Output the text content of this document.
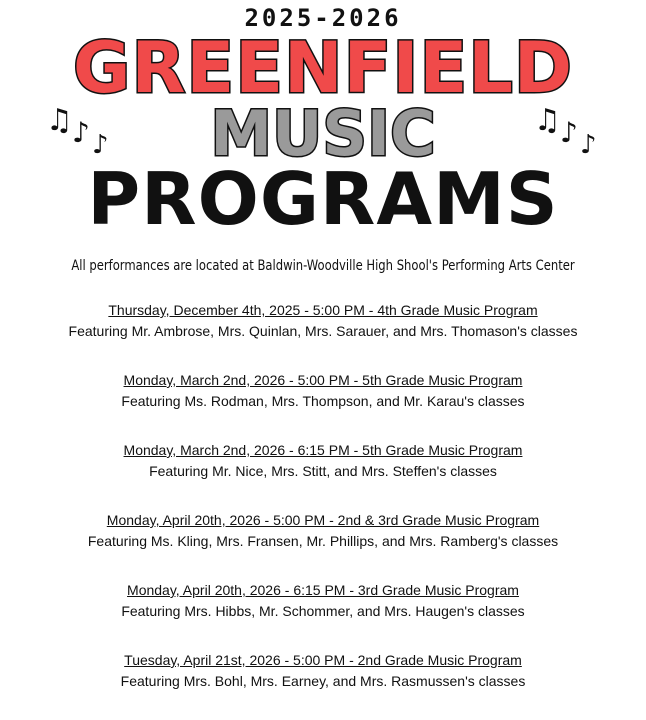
2025-2026
♫ ♪ ♪
♫ ♪ ♪
GREENFIELD
MUSIC
PROGRAMS
All performances are located at Baldwin-Woodville High Shool's Performing Arts Center
Thursday, December 4th, 2025 - 5:00 PM - 4th Grade Music Program
Featuring Mr. Ambrose, Mrs. Quinlan, Mrs. Sarauer, and Mrs. Thomason's classes
Monday, March 2nd, 2026 - 5:00 PM - 5th Grade Music Program
Featuring Ms. Rodman, Mrs. Thompson, and Mr. Karau's classes
Monday, March 2nd, 2026 - 6:15 PM - 5th Grade Music Program
Featuring Mr. Nice, Mrs. Stitt, and Mrs. Steffen's classes
Monday, April 20th, 2026 - 5:00 PM - 2nd & 3rd Grade Music Program
Featuring Ms. Kling, Mrs. Fransen, Mr. Phillips, and Mrs. Ramberg's classes
Monday, April 20th, 2026 - 6:15 PM - 3rd Grade Music Program
Featuring Mrs. Hibbs, Mr. Schommer, and Mrs. Haugen's classes
Tuesday, April 21st, 2026 - 5:00 PM - 2nd Grade Music Program
Featuring Mrs. Bohl, Mrs. Earney, and Mrs. Rasmussen's classes
